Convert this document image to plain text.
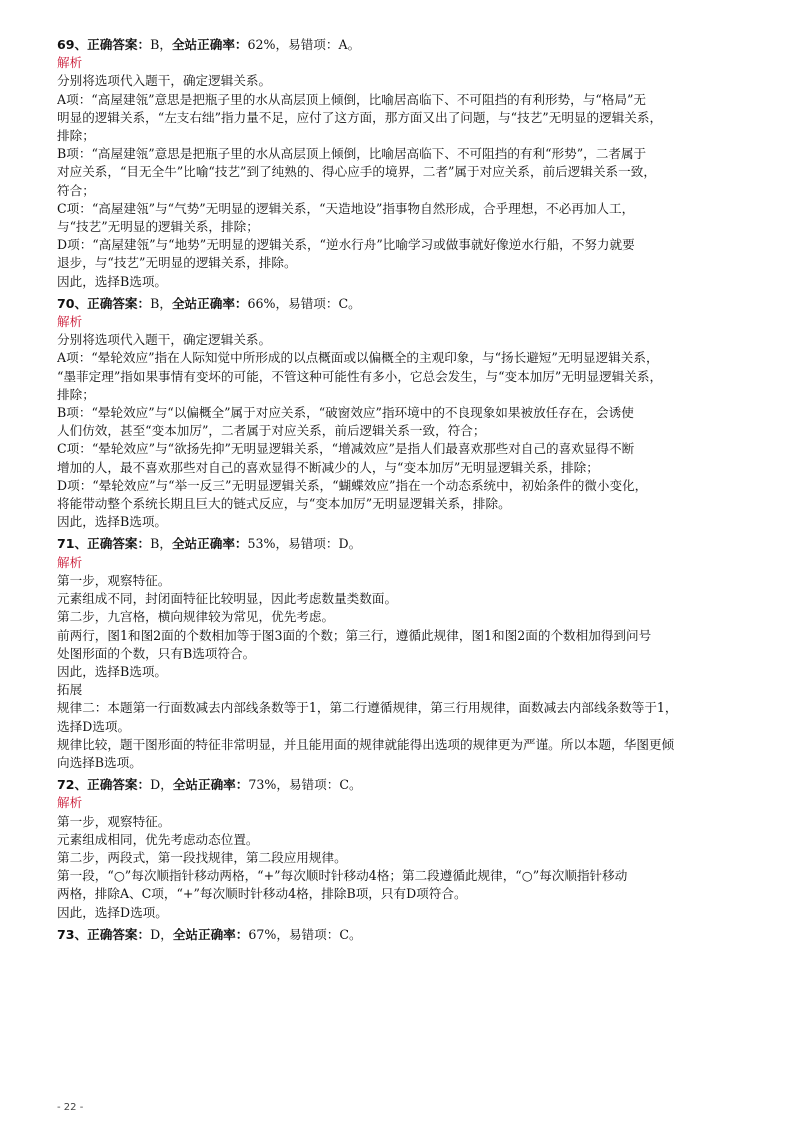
69、正确答案：B，全站正确率：62%，易错项：A。
解析
分别将选项代入题干，确定逻辑关系。
A项：“高屋建瓴”意思是把瓶子里的水从高层顶上倾倒，比喻居高临下、不可阻挡的有利形势，与“格局”无
明显的逻辑关系，“左支右绌”指力量不足，应付了这方面，那方面又出了问题，与“技艺”无明显的逻辑关系，
排除；
B项：“高屋建瓴”意思是把瓶子里的水从高层顶上倾倒，比喻居高临下、不可阻挡的有利“形势”，二者属于
对应关系，“目无全牛”比喻“技艺”到了纯熟的、得心应手的境界，二者”属于对应关系，前后逻辑关系一致，
符合；
C项：“高屋建瓴”与“气势”无明显的逻辑关系，“天造地设”指事物自然形成，合乎理想，不必再加人工，
与“技艺”无明显的逻辑关系，排除；
D项：“高屋建瓴”与“地势”无明显的逻辑关系，“逆水行舟”比喻学习或做事就好像逆水行船，不努力就要
退步，与“技艺”无明显的逻辑关系，排除。
因此，选择B选项。
70、正确答案：B，全站正确率：66%，易错项：C。
解析
分别将选项代入题干，确定逻辑关系。
A项：“晕轮效应”指在人际知觉中所形成的以点概面或以偏概全的主观印象，与“扬长避短”无明显逻辑关系，
“墨菲定理”指如果事情有变坏的可能，不管这种可能性有多小，它总会发生，与“变本加厉”无明显逻辑关系，
排除；
B项：“晕轮效应”与“以偏概全”属于对应关系，“破窗效应”指环境中的不良现象如果被放任存在，会诱使
人们仿效，甚至“变本加厉”，二者属于对应关系，前后逻辑关系一致，符合；
C项：“晕轮效应”与“欲扬先抑”无明显逻辑关系，“增减效应”是指人们最喜欢那些对自己的喜欢显得不断
增加的人，最不喜欢那些对自己的喜欢显得不断减少的人，与“变本加厉”无明显逻辑关系，排除；
D项：“晕轮效应”与“举一反三”无明显逻辑关系，“蝴蝶效应”指在一个动态系统中，初始条件的微小变化，
将能带动整个系统长期且巨大的链式反应，与“变本加厉”无明显逻辑关系，排除。
因此，选择B选项。
71、正确答案：B，全站正确率：53%，易错项：D。
解析
第一步，观察特征。
元素组成不同，封闭面特征比较明显，因此考虑数量类数面。
第二步，九宫格，横向规律较为常见，优先考虑。
前两行，图1和图2面的个数相加等于图3面的个数；第三行，遵循此规律，图1和图2面的个数相加得到问号
处图形面的个数，只有B选项符合。
因此，选择B选项。
拓展
规律二：本题第一行面数减去内部线条数等于1，第二行遵循规律，第三行用规律，面数减去内部线条数等于1，
选择D选项。
规律比较，题干图形面的特征非常明显，并且能用面的规律就能得出选项的规律更为严谨。所以本题，华图更倾
向选择B选项。
72、正确答案：D，全站正确率：73%，易错项：C。
解析
第一步，观察特征。
元素组成相同，优先考虑动态位置。
第二步，两段式，第一段找规律，第二段应用规律。
第一段，“○”每次顺指针移动两格，“+”每次顺时针移动4格；第二段遵循此规律，“○”每次顺指针移动
两格，排除A、C项，“+”每次顺时针移动4格，排除B项，只有D项符合。
因此，选择D选项。
73、正确答案：D，全站正确率：67%，易错项：C。
- 22 -
